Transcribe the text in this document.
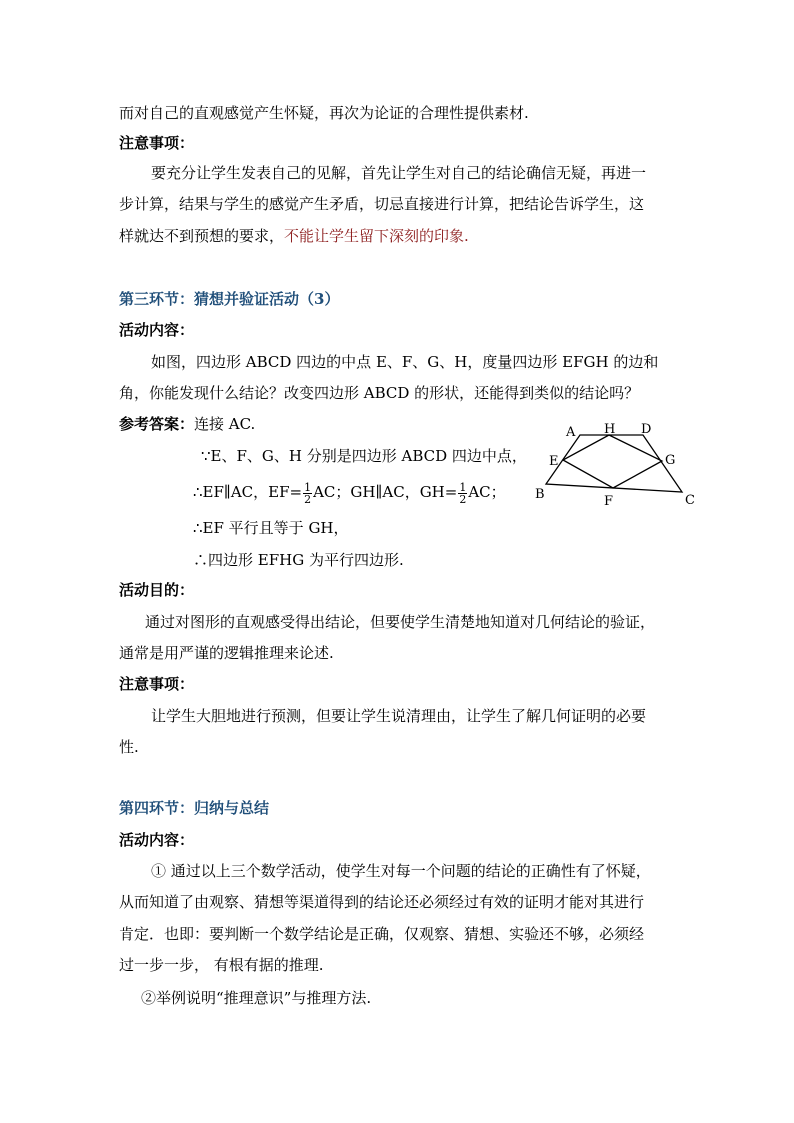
而对自己的直观感觉产生怀疑，再次为论证的合理性提供素材.
注意事项：
要充分让学生发表自己的见解，首先让学生对自己的结论确信无疑，再进一
步计算，结果与学生的感觉产生矛盾，切忌直接进行计算，把结论告诉学生，这
样就达不到预想的要求，不能让学生留下深刻的印象.
第三环节：猜想并验证活动（3）
活动内容：
如图，四边形 ABCD 四边的中点 E、F、G、H，度量四边形 EFGH 的边和
角，你能发现什么结论？改变四边形 ABCD 的形状，还能得到类似的结论吗？
参考答案：连接 AC.
∵E、F、G、H 分别是四边形 ABCD 四边中点，
∴EF∥AC，$EF= \frac{1}{2}$ AC；GH∥AC，$GH= \frac{1}{2}$ AC；
∴EF 平行且等于 GH，
∴四边形 EFHG 为平行四边形.
活动目的：
通过对图形的直观感受得出结论，但要使学生清楚地知道对几何结论的验证，
通常是用严谨的逻辑推理来论述.
注意事项：
让学生大胆地进行预测，但要让学生说清理由，让学生了解几何证明的必要
性.
第四环节：归纳与总结
活动内容：
① 通过以上三个数学活动，使学生对每一个问题的结论的正确性有了怀疑，
从而知道了由观察、猜想等渠道得到的结论还必须经过有效的证明才能对其进行
肯定．也即：要判断一个数学结论是正确，仅观察、猜想、实验还不够，必须经
过一步一步， 有根有据的推理.
②举例说明“推理意识”与推理方法.
A H D
E	G
B	F	C
